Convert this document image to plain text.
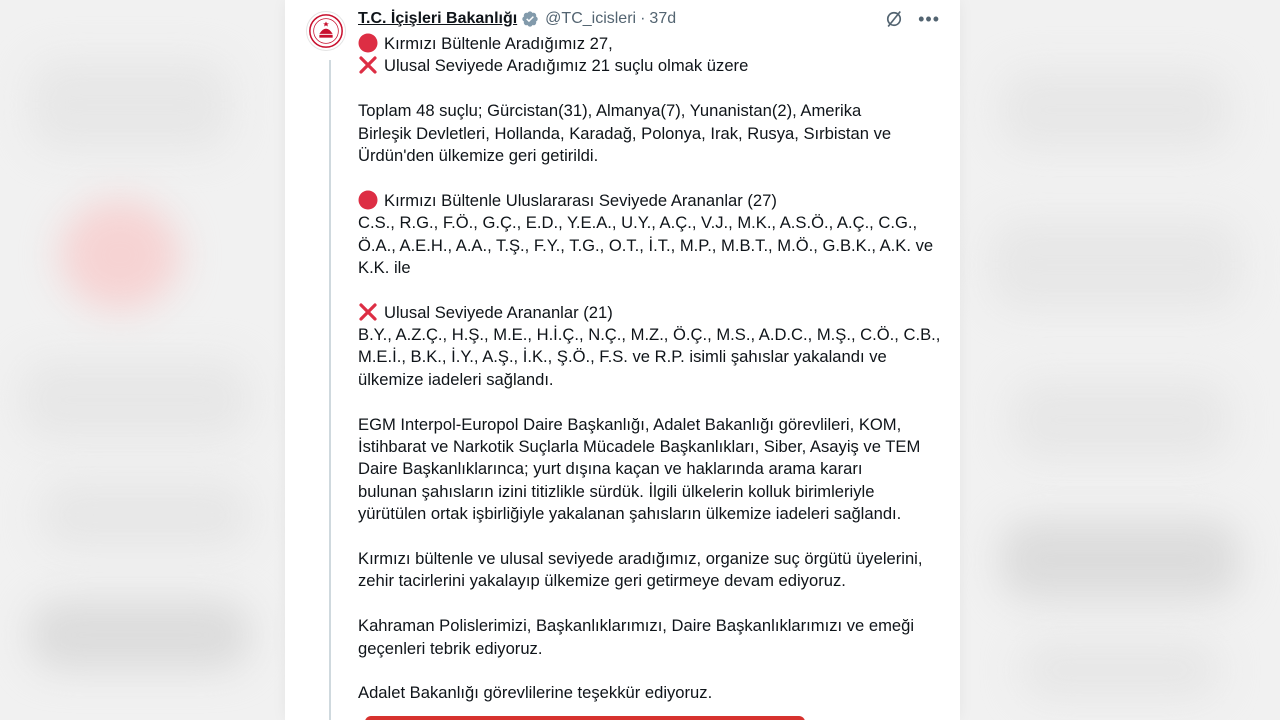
T.C. İçişleri Bakanlığı @TC_icisleri · 37d	•••
Kırmızı Bültenle Aradığımız 27,
Ulusal Seviyede Aradığımız 21 suçlu olmak üzere
Toplam 48 suçlu; Gürcistan(31), Almanya(7), Yunanistan(2), Amerika
Birleşik Devletleri, Hollanda, Karadağ, Polonya, Irak, Rusya, Sırbistan ve
Ürdün'den ülkemize geri getirildi.
Kırmızı Bültenle Uluslararası Seviyede Arananlar (27)
C.S., R.G., F.Ö., G.Ç., E.D., Y.E.A., U.Y., A.Ç., V.J., M.K., A.S.Ö., A.Ç., C.G.,
Ö.A., A.E.H., A.A., T.Ş., F.Y., T.G., O.T., İ.T., M.P., M.B.T., M.Ö., G.B.K., A.K. ve
K.K. ile
Ulusal Seviyede Arananlar (21)
B.Y., A.Z.Ç., H.Ş., M.E., H.İ.Ç., N.Ç., M.Z., Ö.Ç., M.S., A.D.C., M.Ş., C.Ö., C.B.,
M.E.İ., B.K., İ.Y., A.Ş., İ.K., Ş.Ö., F.S. ve R.P. isimli şahıslar yakalandı ve
ülkemize iadeleri sağlandı.
EGM Interpol-Europol Daire Başkanlığı, Adalet Bakanlığı görevlileri, KOM,
İstihbarat ve Narkotik Suçlarla Mücadele Başkanlıkları, Siber, Asayiş ve TEM
Daire Başkanlıklarınca; yurt dışına kaçan ve haklarında arama kararı
bulunan şahısların izini titizlikle sürdük. İlgili ülkelerin kolluk birimleriyle
yürütülen ortak işbirliğiyle yakalanan şahısların ülkemize iadeleri sağlandı.
Kırmızı bültenle ve ulusal seviyede aradığımız, organize suç örgütü üyelerini,
zehir tacirlerini yakalayıp ülkemize geri getirmeye devam ediyoruz.
Kahraman Polislerimizi, Başkanlıklarımızı, Daire Başkanlıklarımızı ve emeği
geçenleri tebrik ediyoruz.
Adalet Bakanlığı görevlilerine teşekkür ediyoruz.
